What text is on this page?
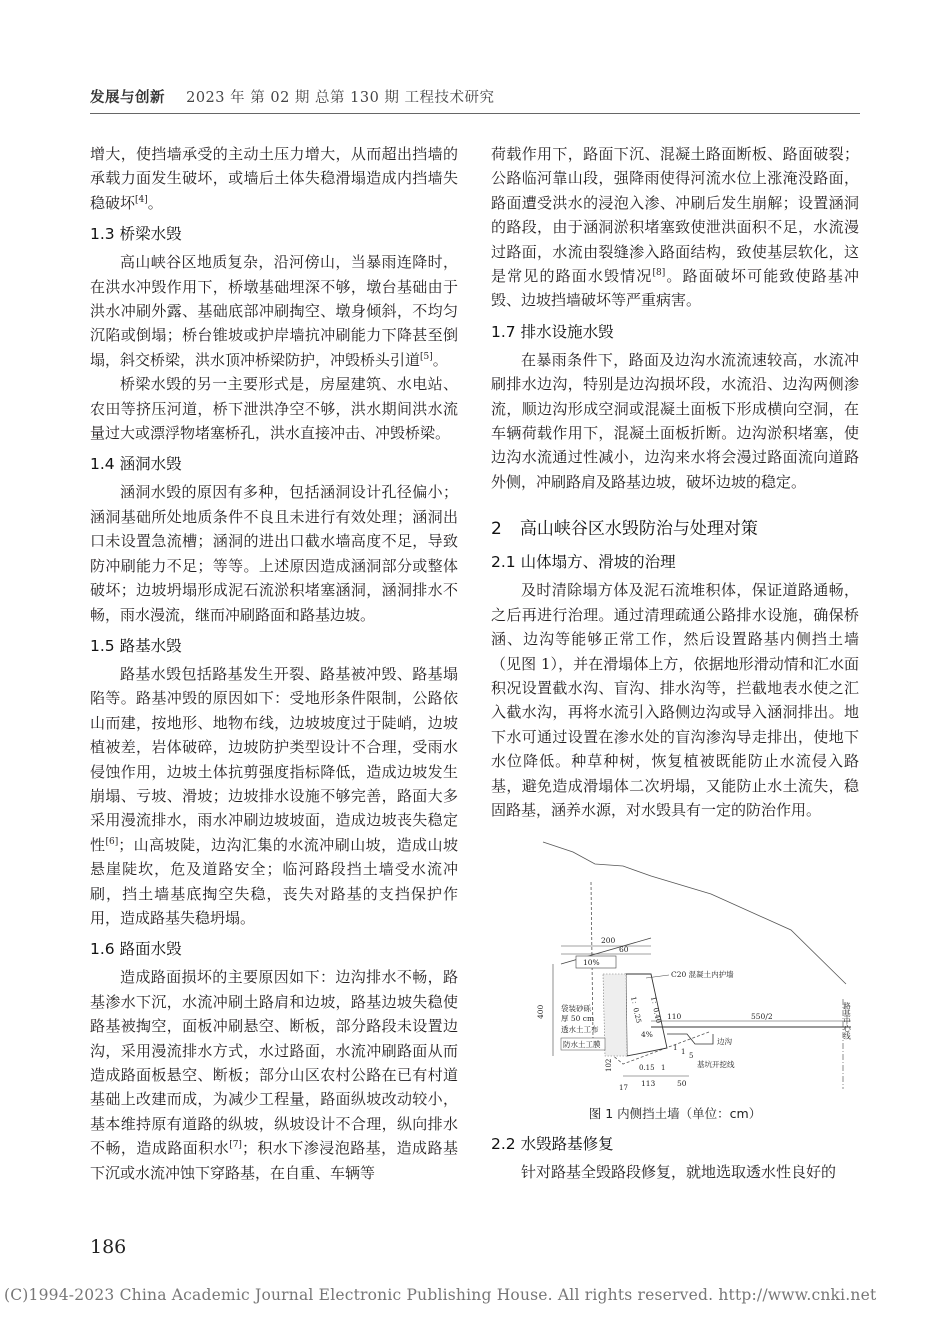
发展与创新 2023 年 第 02 期 总第 130 期 工程技术研究

增大，使挡墙承受的主动土压力增大，从而超出挡墙的承载力面发生破坏，或墙后土体失稳滑塌造成内挡墙失稳破坏[4]。

1.3 桥梁水毁

高山峡谷区地质复杂，沿河傍山，当暴雨连降时，在洪水冲毁作用下，桥墩基础埋深不够，墩台基础由于洪水冲刷外露、基础底部冲刷掏空、墩身倾斜，不均匀沉陷或倒塌；桥台锥坡或护岸墙抗冲刷能力下降甚至倒塌，斜交桥梁，洪水顶冲桥梁防护，冲毁桥头引道[5]。

桥梁水毁的另一主要形式是，房屋建筑、水电站、农田等挤压河道，桥下泄洪净空不够，洪水期间洪水流量过大或漂浮物堵塞桥孔，洪水直接冲击、冲毁桥梁。

1.4 涵洞水毁

涵洞水毁的原因有多种，包括涵洞设计孔径偏小；涵洞基础所处地质条件不良且未进行有效处理；涵洞出口未设置急流槽；涵洞的进出口截水墙高度不足，导致防冲刷能力不足；等等。上述原因造成涵洞部分或整体破坏；边坡坍塌形成泥石流淤积堵塞涵洞，涵洞排水不畅，雨水漫流，继而冲刷路面和路基边坡。

1.5 路基水毁

路基水毁包括路基发生开裂、路基被冲毁、路基塌陷等。路基冲毁的原因如下：受地形条件限制，公路依山而建，按地形、地物布线，边坡坡度过于陡峭，边坡植被差，岩体破碎，边坡防护类型设计不合理，受雨水侵蚀作用，边坡土体抗剪强度指标降低，造成边坡发生崩塌、亏坡、滑坡；边坡排水设施不够完善，路面大多采用漫流排水，雨水冲刷边坡坡面，造成边坡丧失稳定性[6]；山高坡陡，边沟汇集的水流冲刷山坡，造成山坡悬崖陡坎，危及道路安全；临河路段挡土墙受水流冲刷，挡土墙基底掏空失稳，丧失对路基的支挡保护作用，造成路基失稳坍塌。

1.6 路面水毁

造成路面损坏的主要原因如下：边沟排水不畅，路基渗水下沉，水流冲刷土路肩和边坡，路基边坡失稳使路基被掏空，面板冲刷悬空、断板，部分路段未设置边沟，采用漫流排水方式，水过路面，水流冲刷路面从而造成路面板悬空、断板；部分山区农村公路在已有村道基础上改建而成，为减少工程量，路面纵坡改动较小，基本维持原有道路的纵坡，纵坡设计不合理，纵向排水不畅，造成路面积水[7]；积水下渗浸泡路基，造成路基下沉或水流冲蚀下穿路基，在自重、车辆等

荷载作用下，路面下沉、混凝土路面断板、路面破裂；公路临河靠山段，强降雨使得河流水位上涨淹没路面，路面遭受洪水的浸泡入渗、冲刷后发生崩解；设置涵洞的路段，由于涵洞淤积堵塞致使泄洪面积不足，水流漫过路面，水流由裂缝渗入路面结构，致使基层软化，这是常见的路面水毁情况[8]。路面破坏可能致使路基冲毁、边坡挡墙破坏等严重病害。

1.7 排水设施水毁

在暴雨条件下，路面及边沟水流流速较高，水流冲刷排水边沟，特别是边沟损坏段，水流沿、边沟两侧渗流，顺边沟形成空洞或混凝土面板下形成横向空洞，在车辆荷载作用下，混凝土面板折断。边沟淤积堵塞，使边沟水流通过性减小，边沟来水将会漫过路面流向道路外侧，冲刷路肩及路基边坡，破坏边坡的稳定。

2 高山峡谷区水毁防治与处理对策
2.1 山体塌方、滑坡的治理

及时清除塌方体及泥石流堆积体，保证道路通畅，之后再进行治理。通过清理疏通公路排水设施，确保桥涵、边沟等能够正常工作，然后设置路基内侧挡土墙（见图 1），并在滑塌体上方，依据地形滑动情和汇水面积况设置截水沟、盲沟、排水沟等，拦截地表水使之汇入截水沟，再将水流引入路侧边沟或导入涵洞排出。地下水可通过设置在渗水处的盲沟渗沟导走排出，使地下水位降低。种草种树，恢复植被既能防止水流侵入路基，避免造成滑塌体二次坍塌，又能防止水土流失，稳固路基，涵养水源，对水毁具有一定的防治作用。

200
60
10%
C20 混凝土内护墙
袋装砂砾
厚 50 cm
透水土工布
防水土工膜
1：0.25 1：0.40 110	550/2
4%
边沟
路基中心线
400
102
17
0.15 1
113	50
基坑开挖线
1 1 5
图 1 内侧挡土墙（单位：cm）
2.2 水毁路基修复

针对路基全毁路段修复，就地选取透水性良好的

186
(C)1994-2023 China Academic Journal Electronic Publishing House. All rights reserved. http://www.cnki.net
